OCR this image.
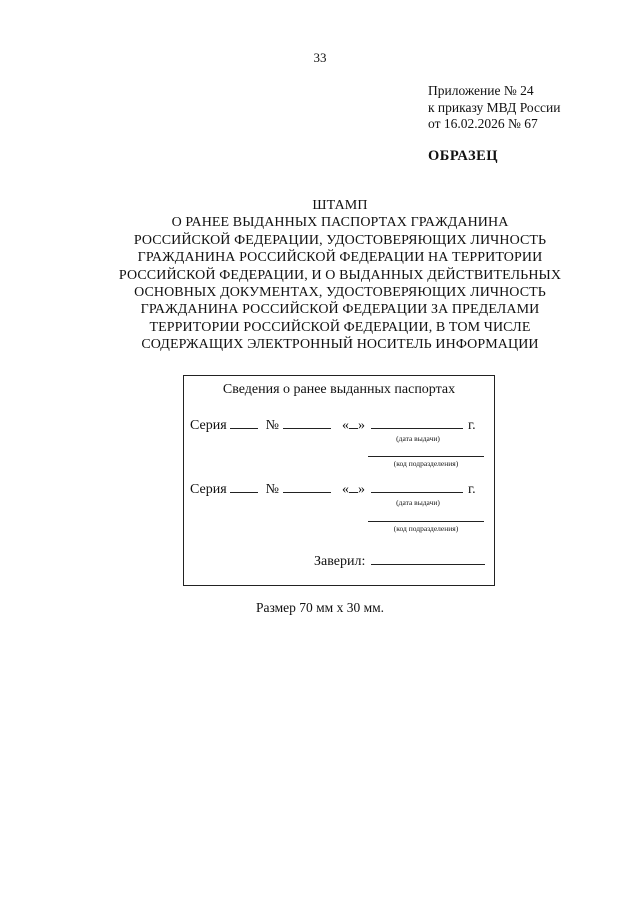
33
Приложение № 24
к приказу МВД России
от 16.02.2026 № 67
ОБРАЗЕЦ
ШТАМП
О РАНЕЕ ВЫДАННЫХ ПАСПОРТАХ ГРАЖДАНИНА
РОССИЙСКОЙ ФЕДЕРАЦИИ, УДОСТОВЕРЯЮЩИХ ЛИЧНОСТЬ
ГРАЖДАНИНА РОССИЙСКОЙ ФЕДЕРАЦИИ НА ТЕРРИТОРИИ
РОССИЙСКОЙ ФЕДЕРАЦИИ, И О ВЫДАННЫХ ДЕЙСТВИТЕЛЬНЫХ
ОСНОВНЫХ ДОКУМЕНТАХ, УДОСТОВЕРЯЮЩИХ ЛИЧНОСТЬ
ГРАЖДАНИНА РОССИЙСКОЙ ФЕДЕРАЦИИ ЗА ПРЕДЕЛАМИ
ТЕРРИТОРИИ РОССИЙСКОЙ ФЕДЕРАЦИИ, В ТОМ ЧИСЛЕ
СОДЕРЖАЩИХ ЭЛЕКТРОННЫЙ НОСИТЕЛЬ ИНФОРМАЦИИ
Сведения о ранее выданных паспортах
Серия	№	« »	г.
(дата выдачи)
(код подразделения)
Серия	№	« »	г.
(дата выдачи)
(код подразделения)
Заверил:
Размер 70 мм х 30 мм.
